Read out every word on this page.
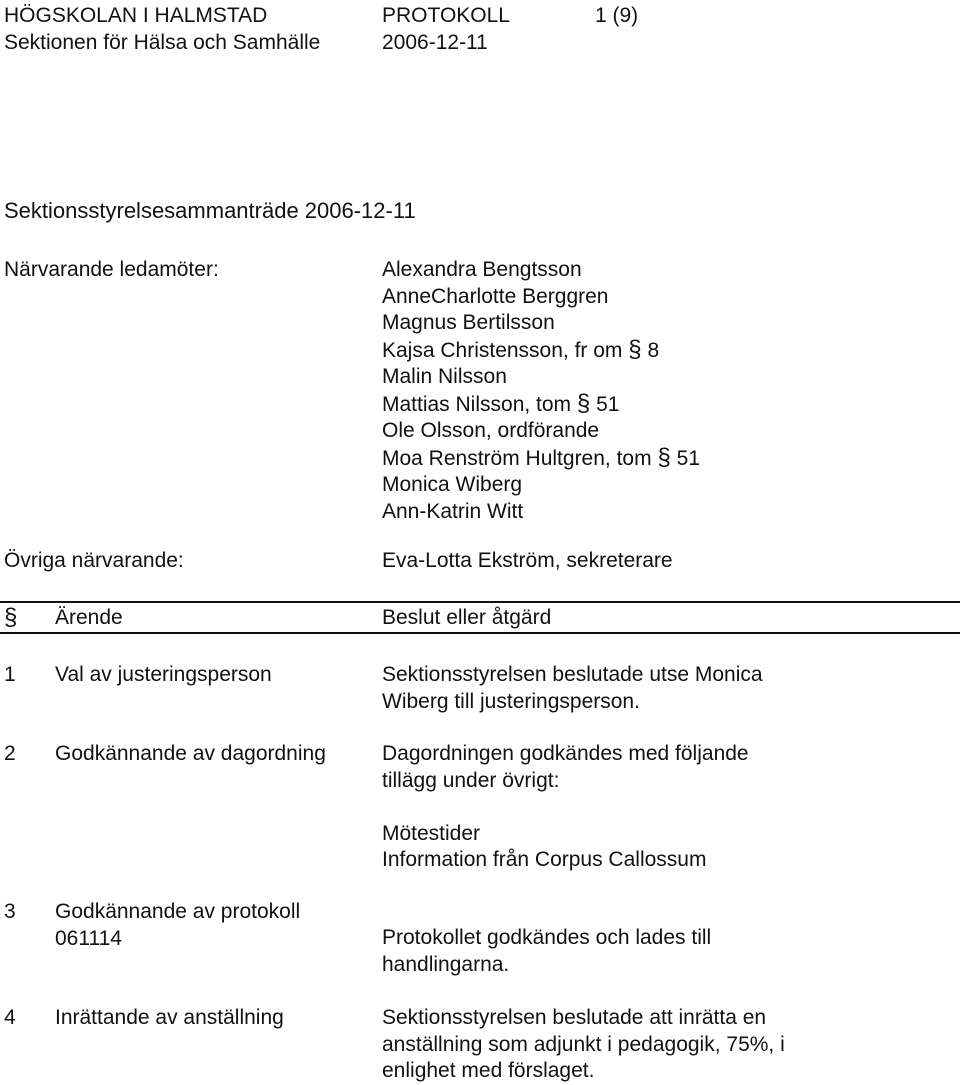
HÖGSKOLAN I HALMSTAD	PROTOKOLL	1 (9)
Sektionen för Hälsa och Samhälle	2006-12-11
Sektionsstyrelsesammanträde 2006-12-11
Närvarande ledamöter:	Alexandra Bengtsson
AnneCharlotte Berggren
Magnus Bertilsson
Kajsa Christensson, fr om § 8
Malin Nilsson
Mattias Nilsson, tom § 51
Ole Olsson, ordförande
Moa Renström Hultgren, tom § 51
Monica Wiberg
Ann-Katrin Witt
Övriga närvarande:	Eva-Lotta Ekström, sekreterare
§ Ärende	Beslut eller åtgärd
1 Val av justeringsperson	Sektionsstyrelsen beslutade utse Monica
Wiberg till justeringsperson.
2 Godkännande av dagordning	Dagordningen godkändes med följande
tillägg under övrigt:

Mötestider
Information från Corpus Callossum
3 Godkännande av protokoll
061114	Protokollet godkändes och lades till
handlingarna.
4 Inrättande av anställning	Sektionsstyrelsen beslutade att inrätta en
anställning som adjunkt i pedagogik, 75%, i
enlighet med förslaget.
